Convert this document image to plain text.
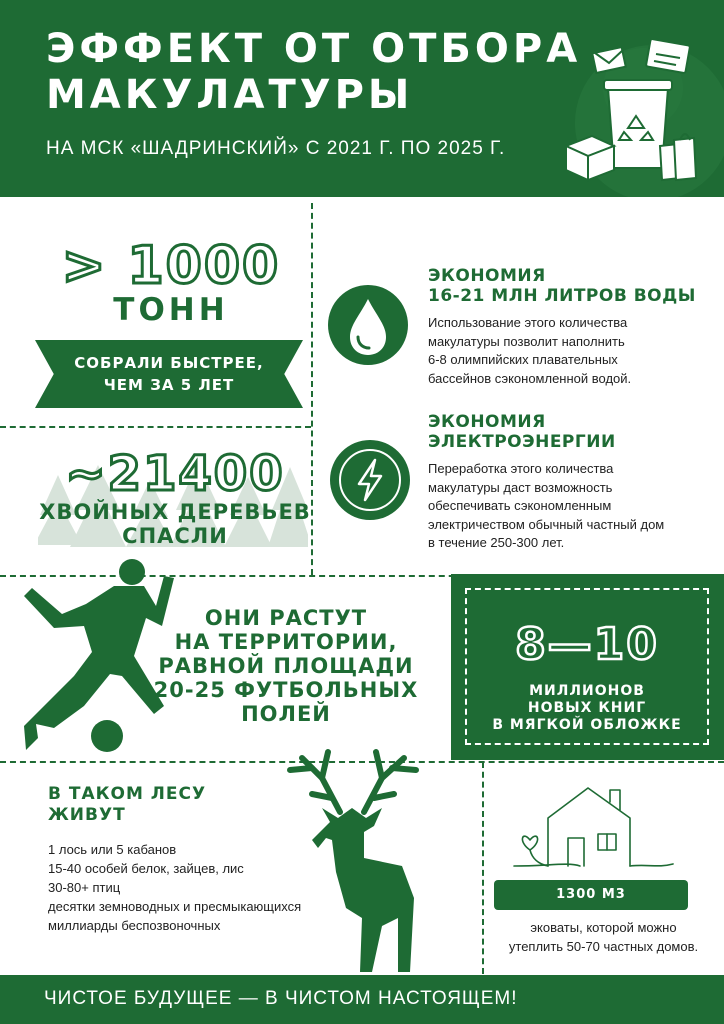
ЭФФЕКТ ОТ ОТБОРА
МАКУЛАТУРЫ
НА МСК «ШАДРИНСКИЙ» С 2021 Г. ПО 2025 Г.
> 1000
ТОНН
СОБРАЛИ БЫСТРЕЕ,
ЧЕМ ЗА 5 ЛЕТ
ЭКОНОМИЯ
16-21 МЛН ЛИТРОВ ВОДЫ
Использование этого количества
макулатуры позволит наполнить
6-8 олимпийских плавательных
бассейнов сэкономленной водой.
ЭКОНОМИЯ
ЭЛЕКТРОЭНЕРГИИ
Переработка этого количества
макулатуры даст возможность
обеспечивать сэкономленным
электричеством обычный частный дом
в течение 250-300 лет.
~21400
ХВОЙНЫХ ДЕРЕВЬЕВ
СПАСЛИ
ОНИ РАСТУТ
НА ТЕРРИТОРИИ,
РАВНОЙ ПЛОЩАДИ
20-25 ФУТБОЛЬНЫХ
ПОЛЕЙ
8—10
МИЛЛИОНОВ
НОВЫХ КНИГ
В МЯГКОЙ ОБЛОЖКЕ
В ТАКОМ ЛЕСУ
ЖИВУТ
1 лось или 5 кабанов
15-40 особей белок, зайцев, лис
30-80+ птиц
десятки земноводных и пресмыкающихся
миллиарды беспозвоночных
1300 М3
эковаты, которой можно
утеплить 50-70 частных домов.
ЧИСТОЕ БУДУЩЕЕ — В ЧИСТОМ НАСТОЯЩЕМ!
